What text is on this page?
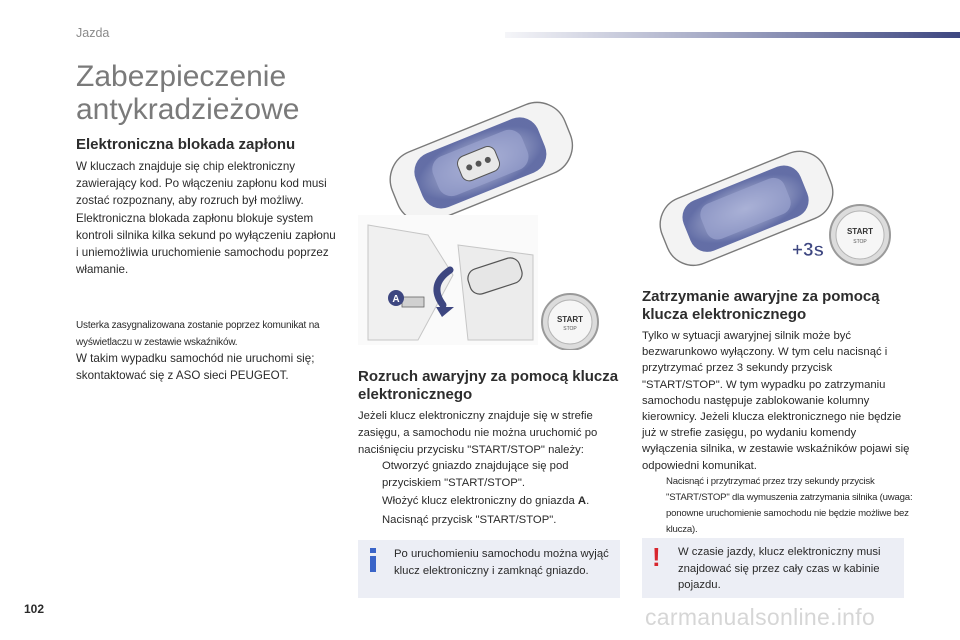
Jazda
Zabezpieczenie
antykradzieżowe
Elektroniczna blokada zapłonu

W kluczach znajduje się chip elektroniczny zawierający kod. Po włączeniu zapłonu kod musi zostać rozpoznany, aby rozruch był możliwy. Elektroniczna blokada zapłonu blokuje system kontroli silnika kilka sekund po wyłączeniu zapłonu i uniemożliwia uruchomienie samochodu poprzez włamanie.

Usterka zasygnalizowana zostanie poprzez komunikat na wyświetlaczu w zestawie wskaźników.

W takim wypadku samochód nie uruchomi się; skontaktować się z ASO sieci PEUGEOT.

START
STOP
+3s
A
START
STOP
Rozruch awaryjny za pomocą klucza elektronicznego

Jeżeli klucz elektroniczny znajduje się w strefie zasięgu, a samochodu nie można uruchomić po naciśnięciu przycisku "START/STOP" należy:

Otworzyć gniazdo znajdujące się pod przyciskiem "START/STOP".
Włożyć klucz elektroniczny do gniazda A.
Nacisnąć przycisk "START/STOP".

Po uruchomieniu samochodu można wyjąć klucz elektroniczny i zamknąć gniazdo.

Zatrzymanie awaryjne za pomocą klucza elektronicznego

Tylko w sytuacji awaryjnej silnik może być bezwarunkowo wyłączony. W tym celu nacisnąć i przytrzymać przez 3 sekundy przycisk "START/STOP". W tym wypadku po zatrzymaniu samochodu następuje zablokowanie kolumny kierownicy. Jeżeli klucza elektronicznego nie będzie już w strefie zasięgu, po wydaniu komendy wyłączenia silnika, w zestawie wskaźników pojawi się odpowiedni komunikat.

Nacisnąć i przytrzymać przez trzy sekundy przycisk "START/STOP" dla wymuszenia zatrzymania silnika (uwaga: ponowne uruchomienie samochodu nie będzie możliwe bez klucza).

! W czasie jazdy, klucz elektroniczny musi znajdować się przez cały czas w kabinie pojazdu.

102	carmanualsonline.info
